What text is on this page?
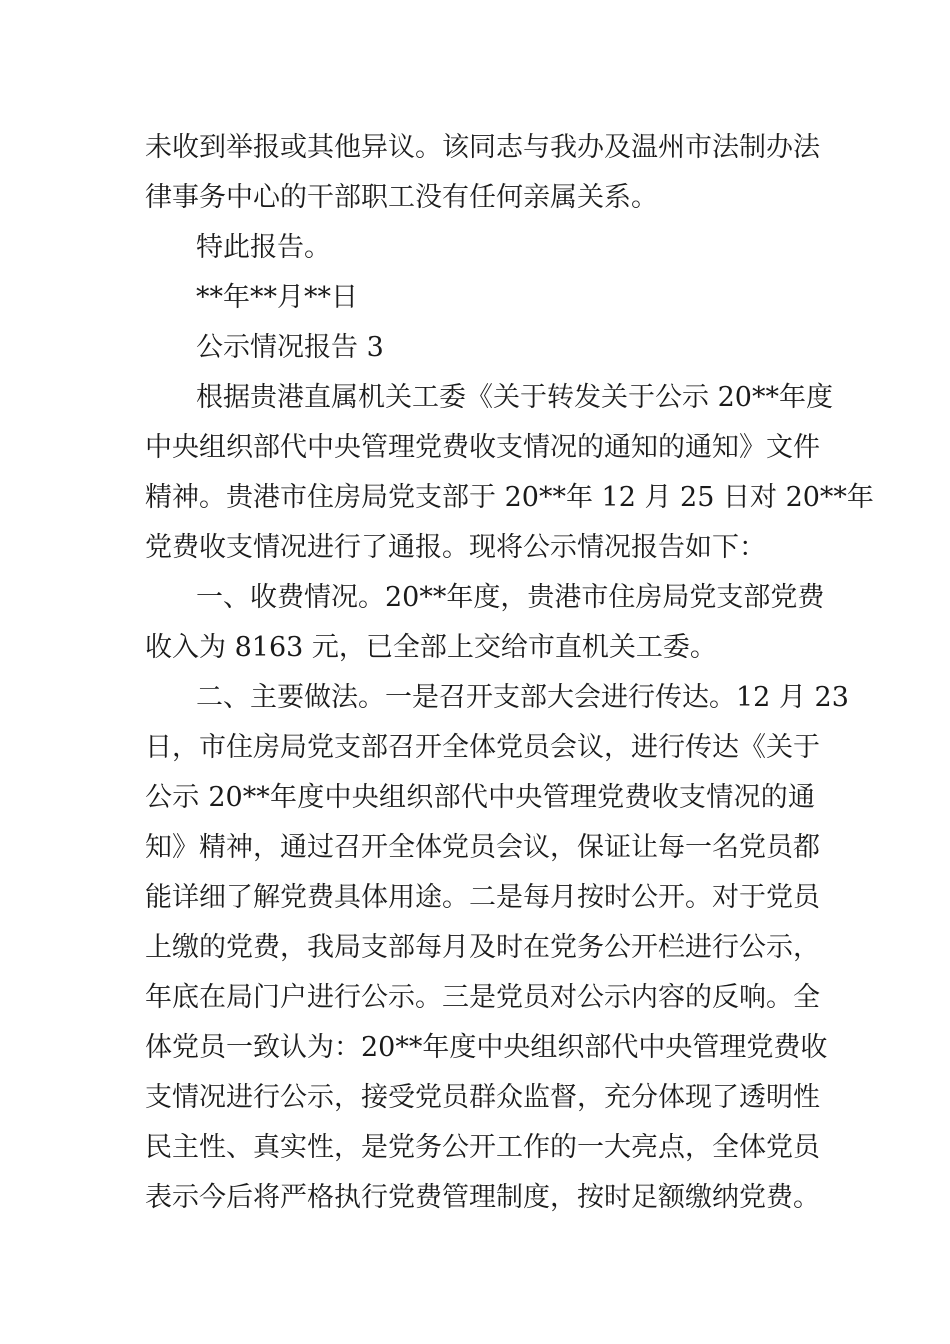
未收到举报或其他异议。该同志与我办及温州市法制办法
律事务中心的干部职工没有任何亲属关系。
特此报告。
**年**月**日
公示情况报告 3
根据贵港直属机关工委《关于转发关于公示 20**年度
中央组织部代中央管理党费收支情况的通知的通知》文件
精神。贵港市住房局党支部于 20**年 12 月 25 日对 20**年
党费收支情况进行了通报。现将公示情况报告如下：
一、收费情况。20**年度，贵港市住房局党支部党费
收入为 8163 元，已全部上交给市直机关工委。
二、主要做法。一是召开支部大会进行传达。12 月 23
日，市住房局党支部召开全体党员会议，进行传达《关于
公示 20**年度中央组织部代中央管理党费收支情况的通
知》精神，通过召开全体党员会议，保证让每一名党员都
能详细了解党费具体用途。二是每月按时公开。对于党员
上缴的党费，我局支部每月及时在党务公开栏进行公示，
年底在局门户进行公示。三是党员对公示内容的反响。全
体党员一致认为：20**年度中央组织部代中央管理党费收
支情况进行公示，接受党员群众监督，充分体现了透明性
民主性、真实性，是党务公开工作的一大亮点，全体党员
表示今后将严格执行党费管理制度，按时足额缴纳党费。
